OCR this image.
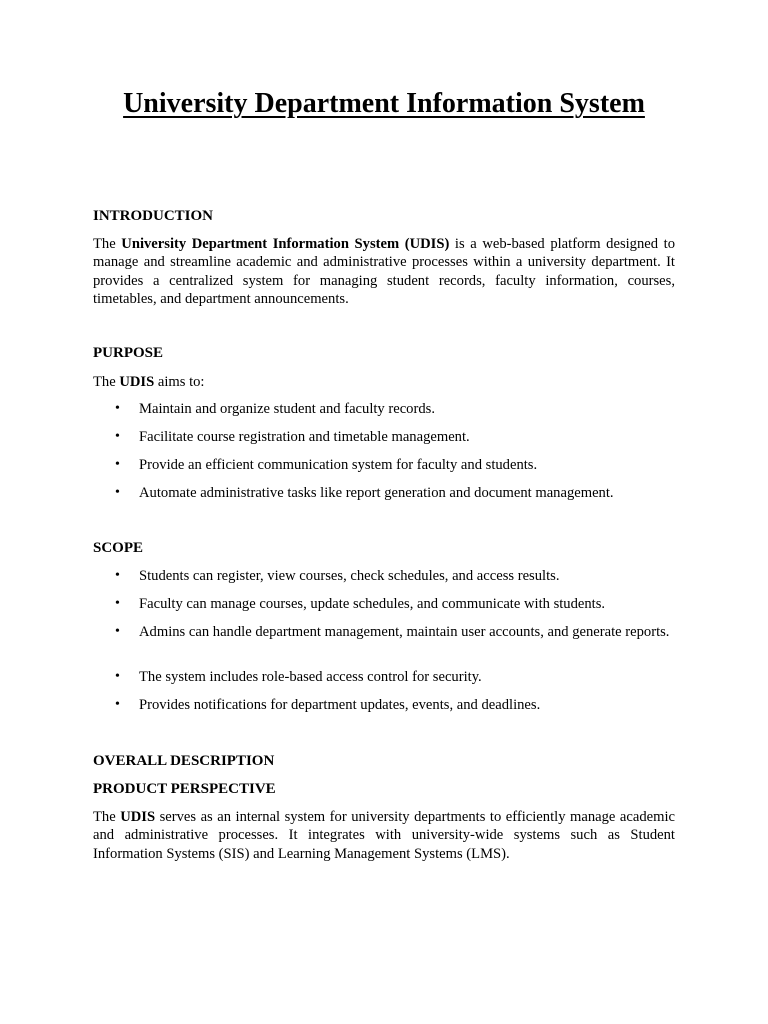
University Department Information System
INTRODUCTION
The University Department Information System (UDIS) is a web-based platform designed to manage and streamline academic and administrative processes within a university department. It provides a centralized system for managing student records, faculty information, courses, timetables, and department announcements.
PURPOSE
The UDIS aims to:
• Maintain and organize student and faculty records.
• Facilitate course registration and timetable management.
• Provide an efficient communication system for faculty and students.
• Automate administrative tasks like report generation and document management.
SCOPE
• Students can register, view courses, check schedules, and access results.
• Faculty can manage courses, update schedules, and communicate with students.
• Admins can handle department management, maintain user accounts, and generate reports.
• The system includes role-based access control for security.
• Provides notifications for department updates, events, and deadlines.
OVERALL DESCRIPTION
PRODUCT PERSPECTIVE
The UDIS serves as an internal system for university departments to efficiently manage academic and administrative processes. It integrates with university-wide systems such as Student Information Systems (SIS) and Learning Management Systems (LMS).
